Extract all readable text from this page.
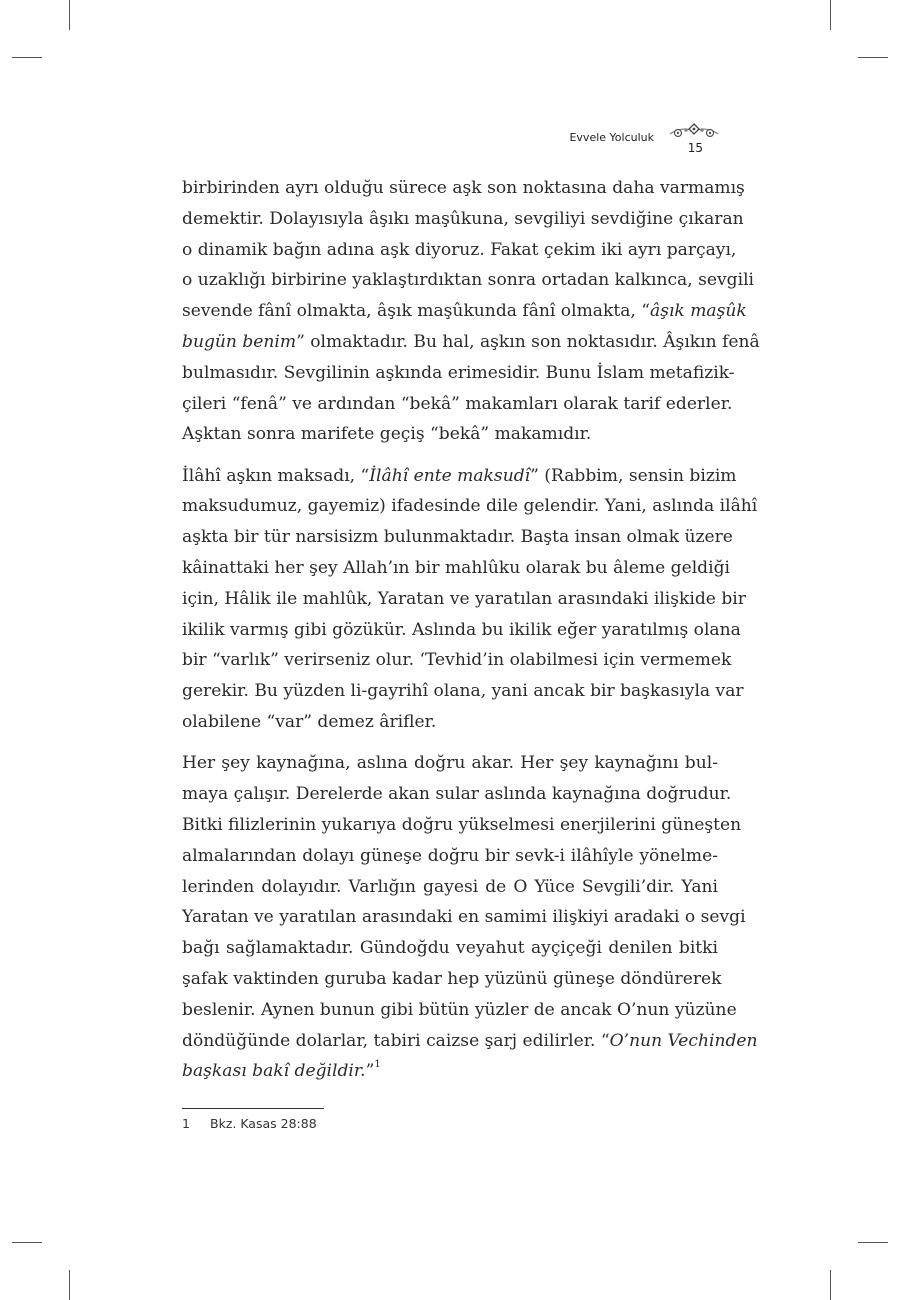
Evvele Yolculuk
15
birbirinden ayrı olduğu sürece aşk son noktasına daha varmamış
demektir. Dolayısıyla âşıkı maşûkuna, sevgiliyi sevdiğine çıkaran
o dinamik bağın adına aşk diyoruz. Fakat çekim iki ayrı parçayı,
o uzaklığı birbirine yaklaştırdıktan sonra ortadan kalkınca, sevgili
sevende fânî olmakta, âşık maşûkunda fânî olmakta, “âşık maşûk
bugün benim” olmaktadır. Bu hal, aşkın son noktasıdır. Âşıkın fenâ
bulmasıdır. Sevgilinin aşkında erimesidir. Bunu İslam metafizik-
çileri “fenâ” ve ardından “bekâ” makamları olarak tarif ederler.
Aşktan sonra marifete geçiş “bekâ” makamıdır.
İlâhî aşkın maksadı, “İlâhî ente maksudî” (Rabbim, sensin bizim
maksudumuz, gayemiz) ifadesinde dile gelendir. Yani, aslında ilâhî
aşkta bir tür narsisizm bulunmaktadır. Başta insan olmak üzere
kâinattaki her şey Allah’ın bir mahlûku olarak bu âleme geldiği
için, Hâlik ile mahlûk, Yaratan ve yaratılan arasındaki ilişkide bir
ikilik varmış gibi gözükür. Aslında bu ikilik eğer yaratılmış olana
bir “varlık” verirseniz olur. ‘Tevhid’in olabilmesi için vermemek
gerekir. Bu yüzden li-gayrihî olana, yani ancak bir başkasıyla var
olabilene “var” demez ârifler.
Her şey kaynağına, aslına doğru akar. Her şey kaynağını bul-
maya çalışır. Derelerde akan sular aslında kaynağına doğrudur.
Bitki filizlerinin yukarıya doğru yükselmesi enerjilerini güneşten
almalarından dolayı güneşe doğru bir sevk-i ilâhîyle yönelme-
lerinden dolayıdır. Varlığın gayesi de O Yüce Sevgili’dir. Yani
Yaratan ve yaratılan arasındaki en samimi ilişkiyi aradaki o sevgi
bağı sağlamaktadır. Gündoğdu veyahut ayçiçeği denilen bitki
şafak vaktinden guruba kadar hep yüzünü güneşe döndürerek
beslenir. Aynen bunun gibi bütün yüzler de ancak O’nun yüzüne
döndüğünde dolarlar, tabiri caizse şarj edilirler. “O’nun Vechinden
başkası bakî değildir.”$^1$
1 Bkz. Kasas 28:88
